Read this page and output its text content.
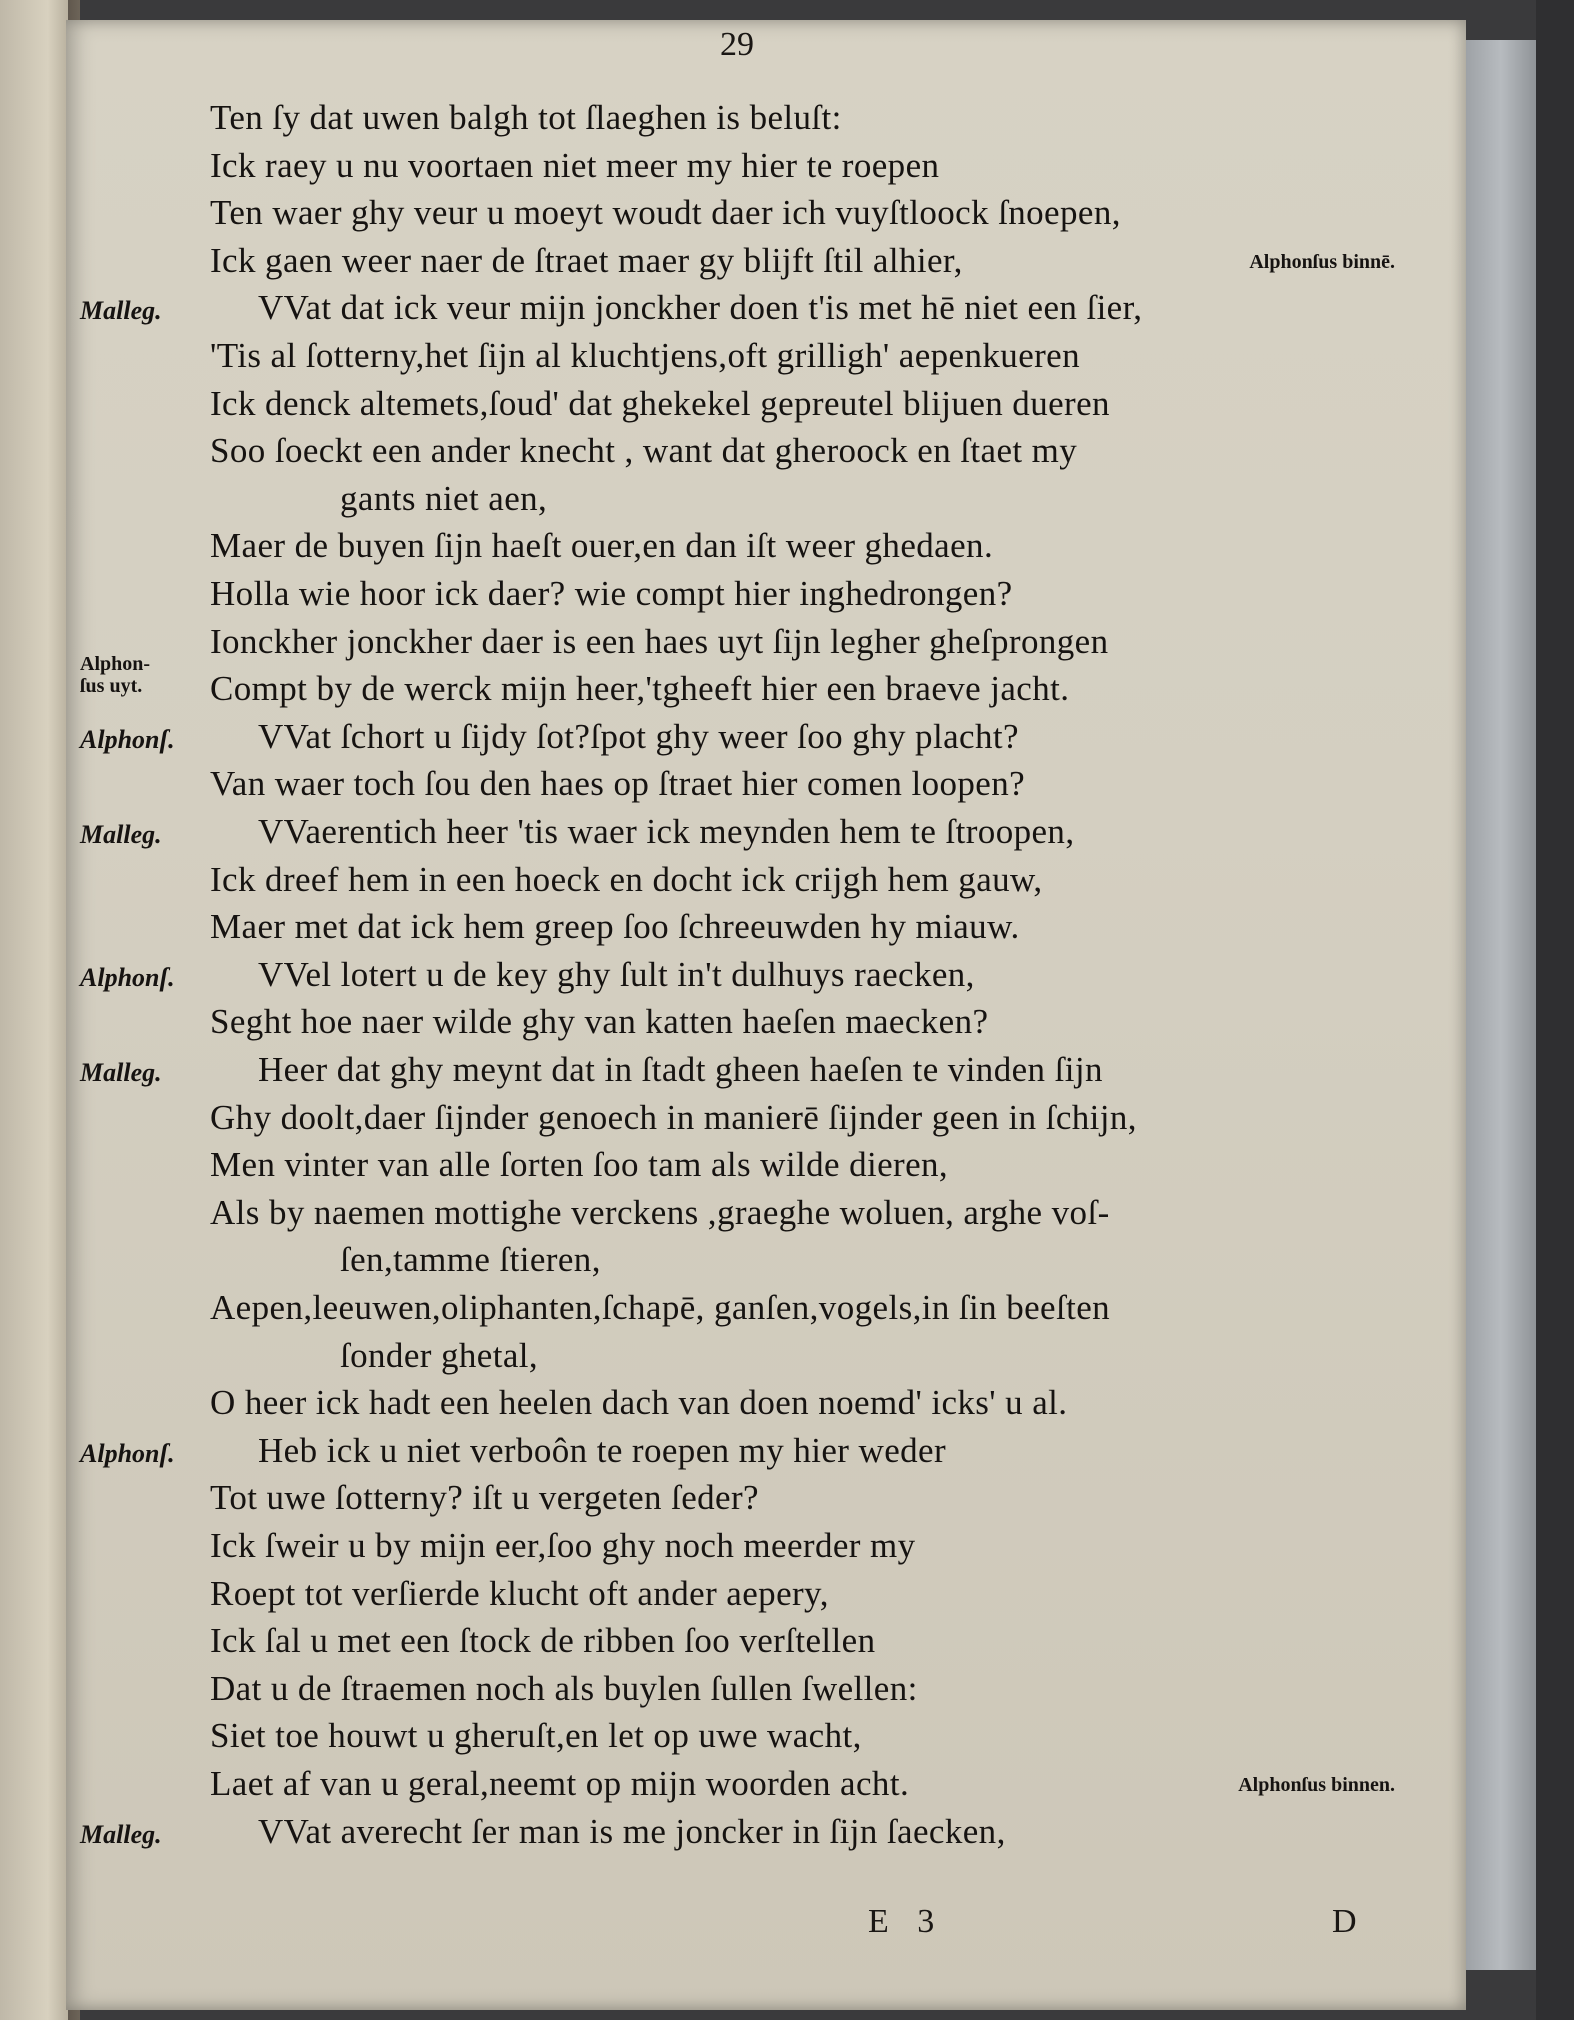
29
Ten ſy dat uwen balgh tot ſlaeghen is beluſt:
Ick raey u nu voortaen niet meer my hier te roepen
Ten waer ghy veur u moeyt woudt daer ich vuyſtloock ſnoepen,
Ick gaen weer naer de ſtraet maer gy blijft ſtil alhier,	Alphonſus binnē.
VVat dat ick veur mijn jonckher doen t'is met hē niet een ſier,
Malleg.
'Tis al ſotterny,het ſijn al kluchtjens,oft grilligh' aepenkueren
Ick denck altemets,ſoud' dat ghekekel gepreutel blijuen dueren
Soo ſoeckt een ander knecht , want dat gheroock en ſtaet my
gants niet aen,
Maer de buyen ſijn haeſt ouer,en dan iſt weer ghedaen.
Holla wie hoor ick daer? wie compt hier inghedrongen?
Ionckher jonckher daer is een haes uyt ſijn legher gheſprongen
Compt by de werck mijn heer,'tgheeft hier een braeve jacht.
Alphon-
ſus uyt.
VVat ſchort u ſijdy ſot?ſpot ghy weer ſoo ghy placht?
Alphonſ.
Van waer toch ſou den haes op ſtraet hier comen loopen?
VVaerentich heer 'tis waer ick meynden hem te ſtroopen,
Malleg.
Ick dreef hem in een hoeck en docht ick crijgh hem gauw,
Maer met dat ick hem greep ſoo ſchreeuwden hy miauw.
VVel lotert u de key ghy ſult in't dulhuys raecken,
Alphonſ.
Seght hoe naer wilde ghy van katten haeſen maecken?
Heer dat ghy meynt dat in ſtadt gheen haeſen te vinden ſijn
Malleg.
Ghy doolt,daer ſijnder genoech in manierē ſijnder geen in ſchijn,
Men vinter van alle ſorten ſoo tam als wilde dieren,
Als by naemen mottighe verckens ,graeghe woluen, arghe voſ-
ſen,tamme ſtieren,
Aepen,leeuwen,oliphanten,ſchapē, ganſen,vogels,in ſin beeſten
ſonder ghetal,
O heer ick hadt een heelen dach van doen noemd' icks' u al.
Heb ick u niet verboôn te roepen my hier weder
Alphonſ.
Tot uwe ſotterny? iſt u vergeten ſeder?
Ick ſweir u by mijn eer,ſoo ghy noch meerder my
Roept tot verſierde klucht oft ander aepery,
Ick ſal u met een ſtock de ribben ſoo verſtellen
Dat u de ſtraemen noch als buylen ſullen ſwellen:
Siet toe houwt u gheruſt,en let op uwe wacht,
Laet af van u geral,neemt op mijn woorden acht.	Alphonſus binnen.
VVat averecht ſer man is me joncker in ſijn ſaecken,
Malleg.
E 3	D
